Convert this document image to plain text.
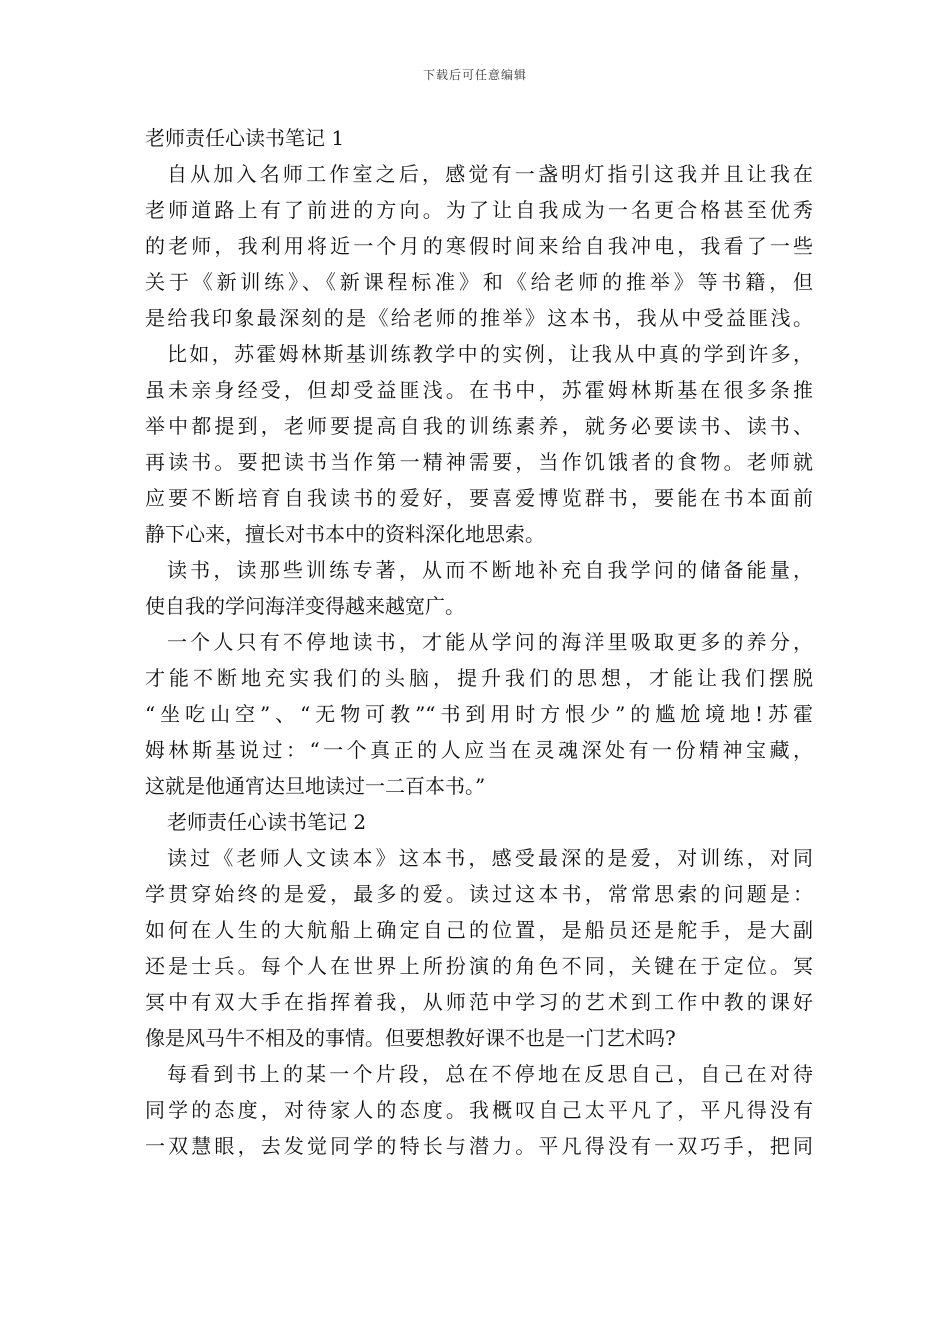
下载后可任意编辑
老师责任心读书笔记 1
自从加入名师工作室之后，感觉有一盏明灯指引这我并且让我在
老师道路上有了前进的方向。为了让自我成为一名更合格甚至优秀
的老师，我利用将近一个月的寒假时间来给自我冲电，我看了一些
关于《新训练》、《新课程标准》和《给老师的推举》等书籍，但
是给我印象最深刻的是《给老师的推举》这本书，我从中受益匪浅。
比如，苏霍姆林斯基训练教学中的实例，让我从中真的学到许多，
虽未亲身经受，但却受益匪浅。在书中，苏霍姆林斯基在很多条推
举中都提到，老师要提高自我的训练素养，就务必要读书、读书、
再读书。要把读书当作第一精神需要，当作饥饿者的食物。老师就
应要不断培育自我读书的爱好，要喜爱博览群书，要能在书本面前
静下心来，擅长对书本中的资料深化地思索。
读书，读那些训练专著，从而不断地补充自我学问的储备能量，
使自我的学问海洋变得越来越宽广。
一个人只有不停地读书，才能从学问的海洋里吸取更多的养分，
才能不断地充实我们的头脑，提升我们的思想，才能让我们摆脱
“坐吃山空”、“无物可教”“书到用时方恨少”的尴尬境地!苏霍
姆林斯基说过：“一个真正的人应当在灵魂深处有一份精神宝藏，
这就是他通宵达旦地读过一二百本书。”
老师责任心读书笔记 2
读过《老师人文读本》这本书，感受最深的是爱，对训练，对同
学贯穿始终的是爱，最多的爱。读过这本书，常常思索的问题是：
如何在人生的大航船上确定自己的位置，是船员还是舵手，是大副
还是士兵。每个人在世界上所扮演的角色不同，关键在于定位。冥
冥中有双大手在指挥着我，从师范中学习的艺术到工作中教的课好
像是风马牛不相及的事情。但要想教好课不也是一门艺术吗?
每看到书上的某一个片段，总在不停地在反思自己，自己在对待
同学的态度，对待家人的态度。我概叹自己太平凡了，平凡得没有
一双慧眼，去发觉同学的特长与潜力。平凡得没有一双巧手，把同
